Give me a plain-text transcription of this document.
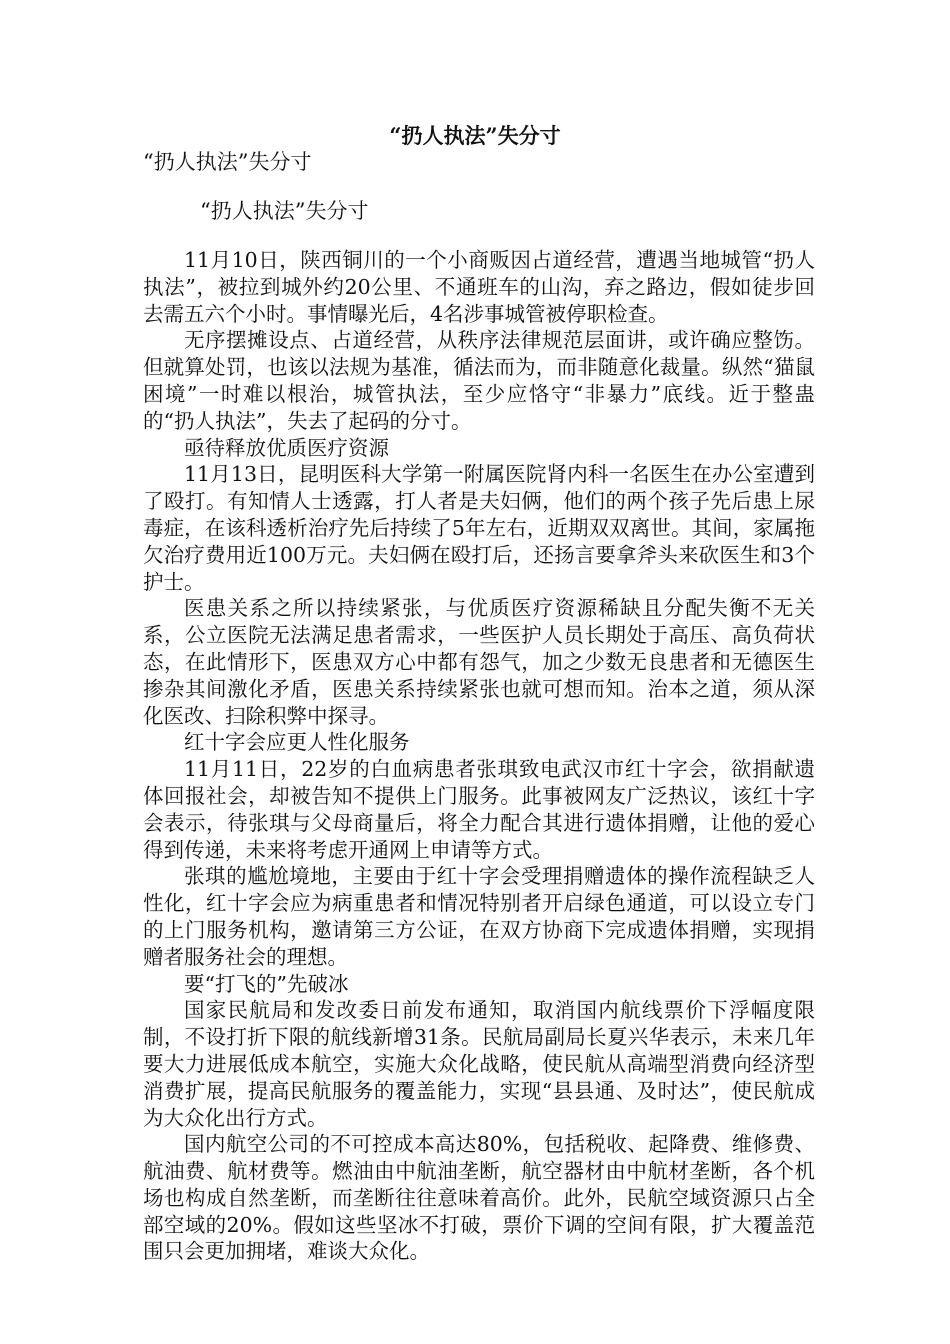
“扔人执法”失分寸

“扔人执法”失分寸

“扔人执法”失分寸

11月10日，陕西铜川的一个小商贩因占道经营，遭遇当地城管“扔人执法”，被拉到城外约20公里、不通班车的山沟，弃之路边，假如徒步回去需五六个小时。事情曝光后，4名涉事城管被停职检查。

无序摆摊设点、占道经营，从秩序法律规范层面讲，或许确应整饬。但就算处罚，也该以法规为基准，循法而为，而非随意化裁量。纵然“猫鼠困境”一时难以根治，城管执法，至少应恪守“非暴力”底线。近于整蛊的“扔人执法”，失去了起码的分寸。

亟待释放优质医疗资源

11月13日，昆明医科大学第一附属医院肾内科一名医生在办公室遭到了殴打。有知情人士透露，打人者是夫妇俩，他们的两个孩子先后患上尿毒症，在该科透析治疗先后持续了5年左右，近期双双离世。其间，家属拖欠治疗费用近100万元。夫妇俩在殴打后，还扬言要拿斧头来砍医生和3个护士。

医患关系之所以持续紧张，与优质医疗资源稀缺且分配失衡不无关系，公立医院无法满足患者需求，一些医护人员长期处于高压、高负荷状态，在此情形下，医患双方心中都有怨气，加之少数无良患者和无德医生掺杂其间激化矛盾，医患关系持续紧张也就可想而知。治本之道，须从深化医改、扫除积弊中探寻。

红十字会应更人性化服务

11月11日，22岁的白血病患者张琪致电武汉市红十字会，欲捐献遗体回报社会，却被告知不提供上门服务。此事被网友广泛热议，该红十字会表示，待张琪与父母商量后，将全力配合其进行遗体捐赠，让他的爱心得到传递，未来将考虑开通网上申请等方式。

张琪的尴尬境地，主要由于红十字会受理捐赠遗体的操作流程缺乏人性化，红十字会应为病重患者和情况特别者开启绿色通道，可以设立专门的上门服务机构，邀请第三方公证，在双方协商下完成遗体捐赠，实现捐赠者服务社会的理想。

要“打飞的”先破冰

国家民航局和发改委日前发布通知，取消国内航线票价下浮幅度限制，不设打折下限的航线新增31条。民航局副局长夏兴华表示，未来几年要大力进展低成本航空，实施大众化战略，使民航从高端型消费向经济型消费扩展，提高民航服务的覆盖能力，实现“县县通、及时达”，使民航成为大众化出行方式。

国内航空公司的不可控成本高达80%，包括税收、起降费、维修费、航油费、航材费等。燃油由中航油垄断，航空器材由中航材垄断，各个机场也构成自然垄断，而垄断往往意味着高价。此外，民航空域资源只占全部空域的20%。假如这些坚冰不打破，票价下调的空间有限，扩大覆盖范围只会更加拥堵，难谈大众化。
